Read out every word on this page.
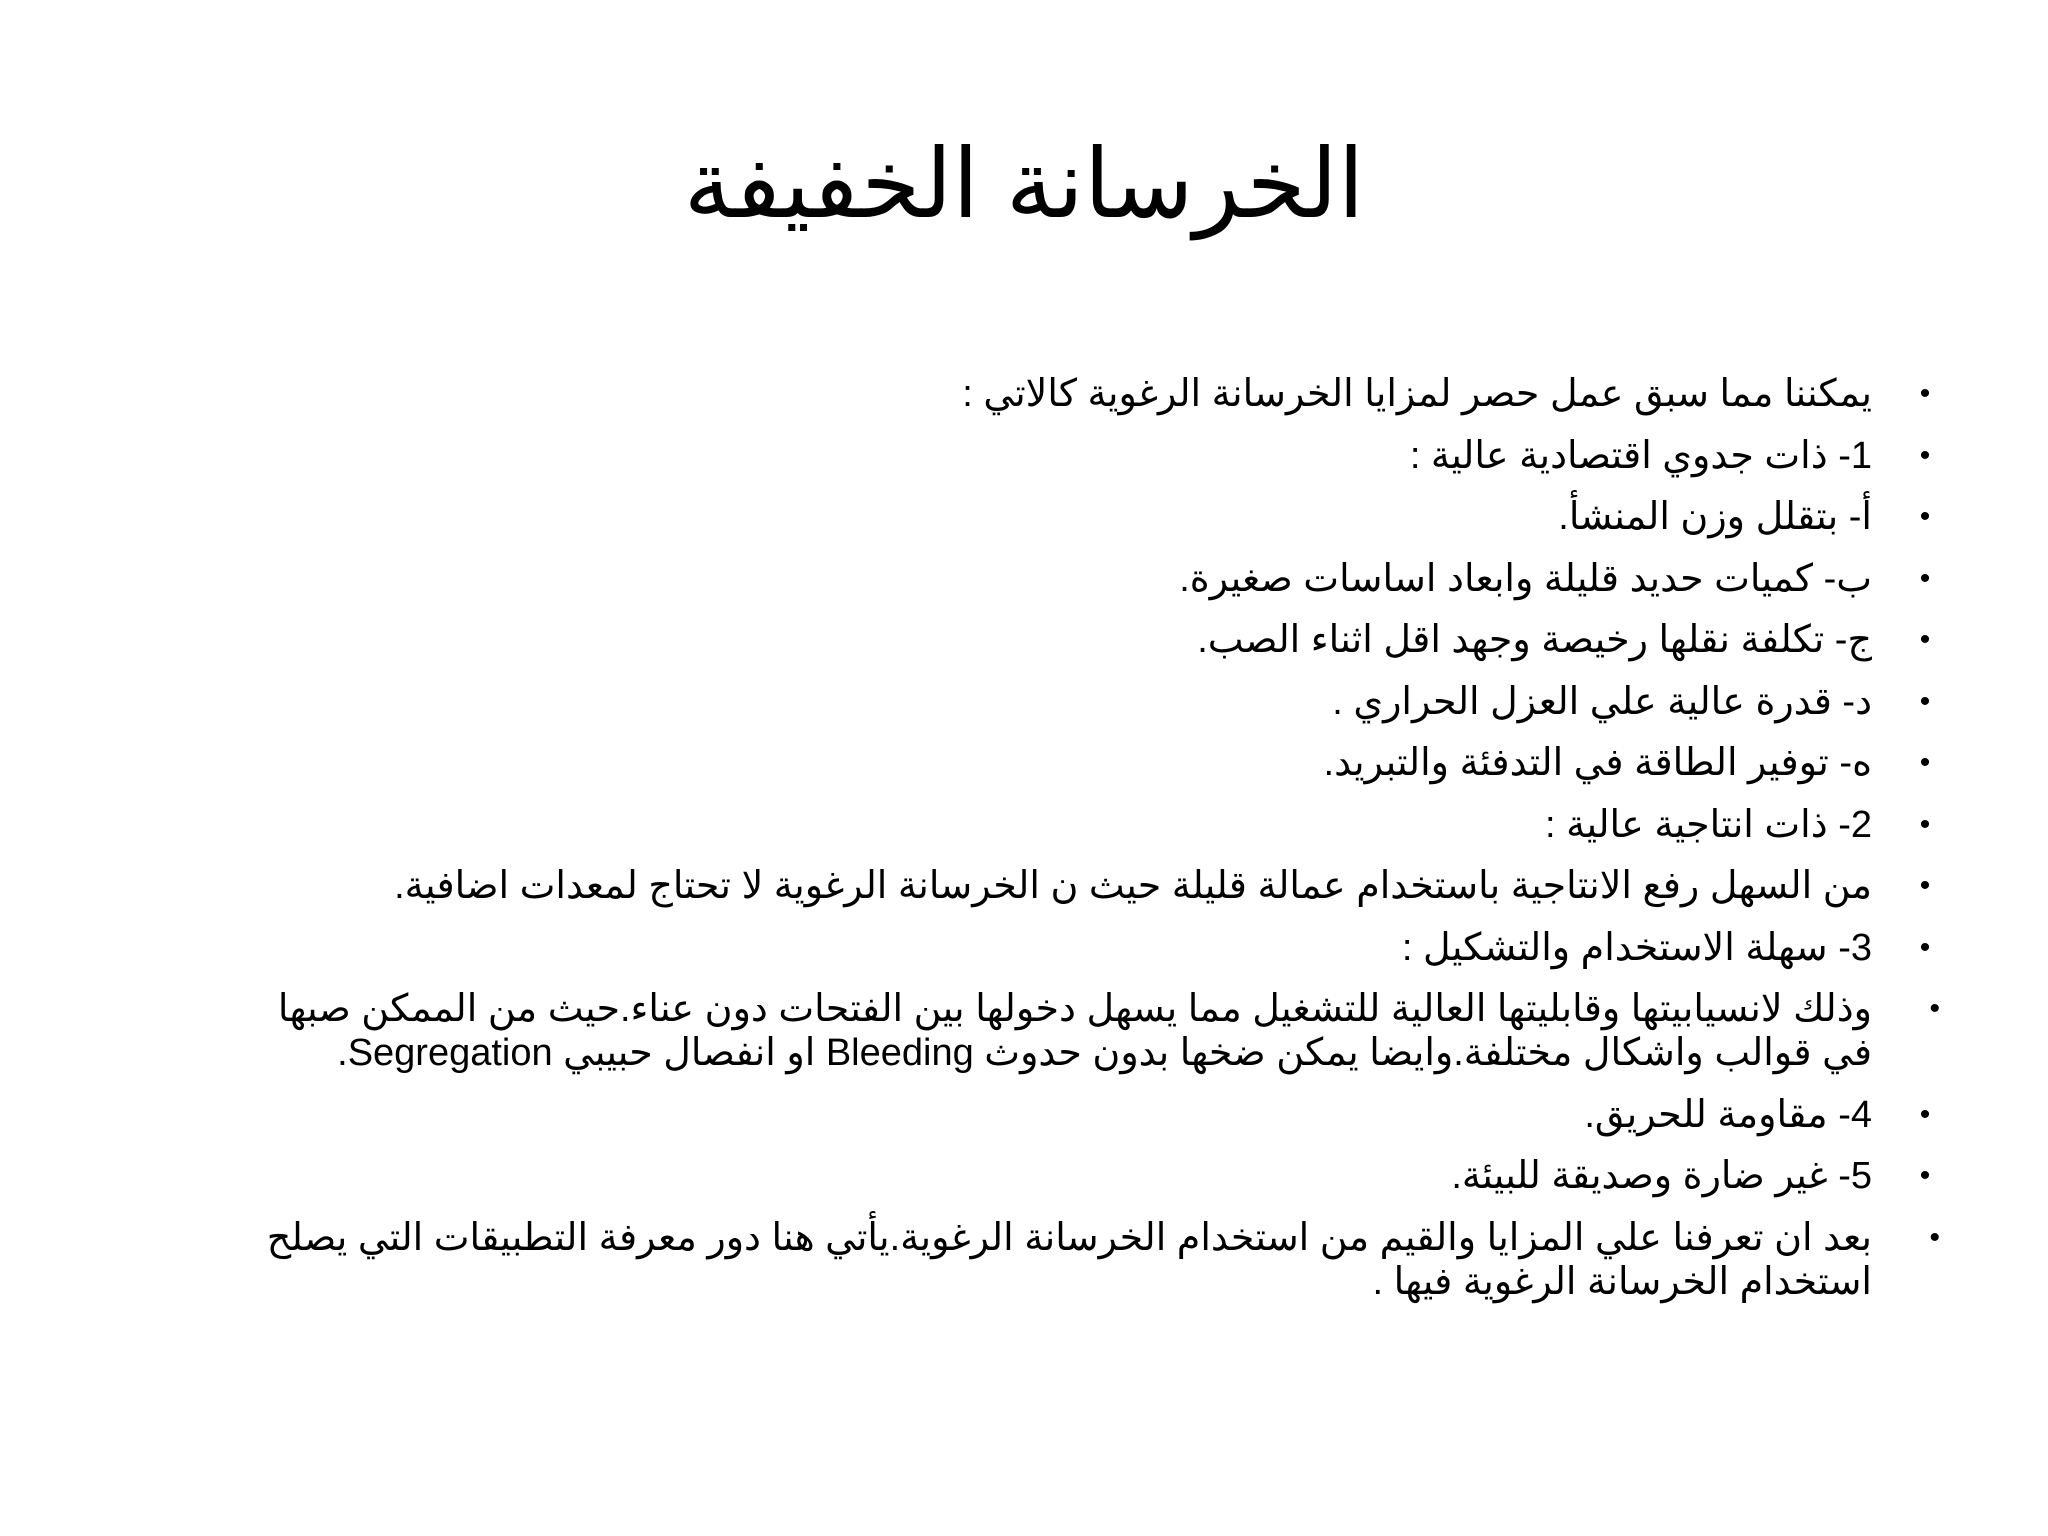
الخرسانة الخفيفة
•
يمكننا مما سبق عمل حصر لمزايا الخرسانة الرغوية كالاتي :
•
1- ذات جدوي اقتصادية عالية :
•
أ- بتقلل وزن المنشأ.
•
ب- كميات حديد قليلة وابعاد اساسات صغيرة.
•
ج- تكلفة نقلها رخيصة وجهد اقل اثناء الصب.
•
د- قدرة عالية علي العزل الحراري .
•
ه- توفير الطاقة في التدفئة والتبريد.
•
2- ذات انتاجية عالية :
•
من السهل رفع الانتاجية باستخدام عمالة قليلة حيث ن الخرسانة الرغوية لا تحتاج لمعدات اضافية.
•
3- سهلة الاستخدام والتشكيل :
•
وذلك لانسيابيتها وقابليتها العالية للتشغيل مما يسهل دخولها بين الفتحات دون عناء.حيث من الممكن صبها
في قوالب واشكال مختلفة.وايضا يمكن ضخها بدون حدوث Bleeding او انفصال حبيبي Segregation.
•
4- مقاومة للحريق.
•
5- غير ضارة وصديقة للبيئة.
•
بعد ان تعرفنا علي المزايا والقيم من استخدام الخرسانة الرغوية.يأتي هنا دور معرفة التطبيقات التي يصلح
استخدام الخرسانة الرغوية فيها .
